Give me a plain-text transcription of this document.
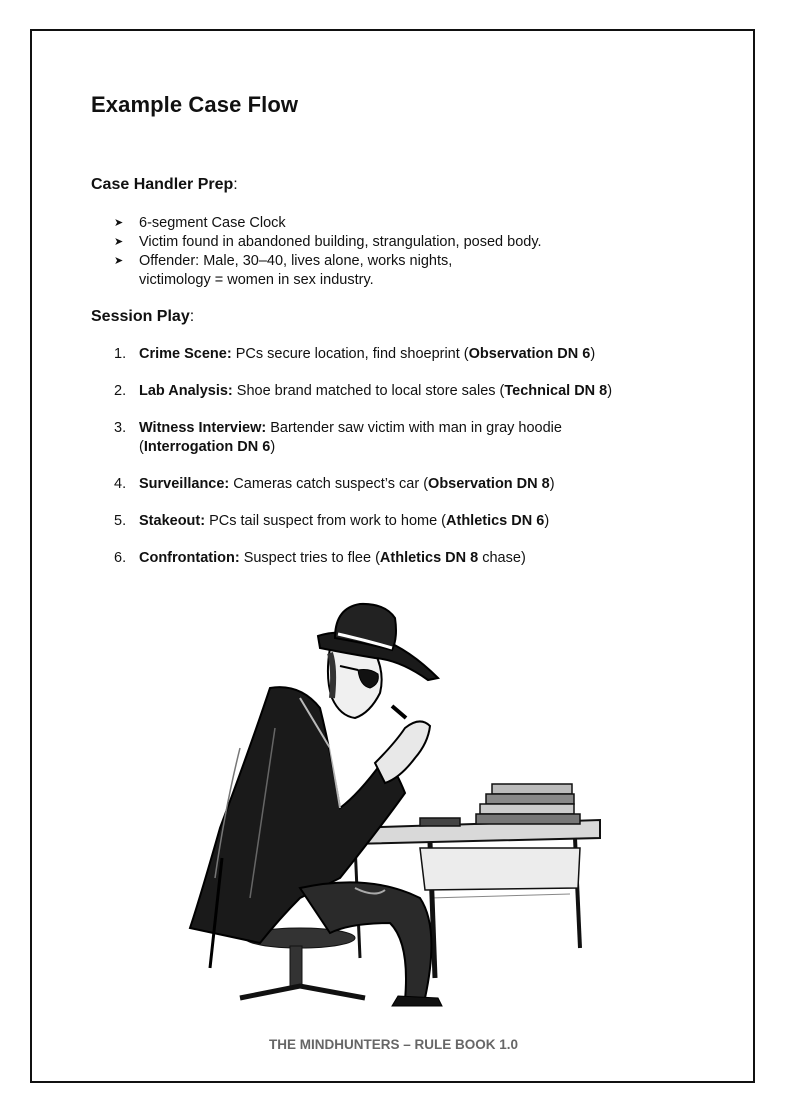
Example Case Flow

Case Handler Prep:

➤ 6-segment Case Clock
➤ Victim found in abandoned building, strangulation, posed body.
➤ Offender: Male, 30–40, lives alone, works nights,
victimology = women in sex industry.

Session Play:

1. Crime Scene: PCs secure location, find shoeprint (Observation DN 6)
2. Lab Analysis: Shoe brand matched to local store sales (Technical DN 8)
3. Witness Interview: Bartender saw victim with man in gray hoodie
(Interrogation DN 6)
4. Surveillance: Cameras catch suspect’s car (Observation DN 8)
5. Stakeout: PCs tail suspect from work to home (Athletics DN 6)
6. Confrontation: Suspect tries to flee (Athletics DN 8 chase)
THE MINDHUNTERS – RULE BOOK 1.0
